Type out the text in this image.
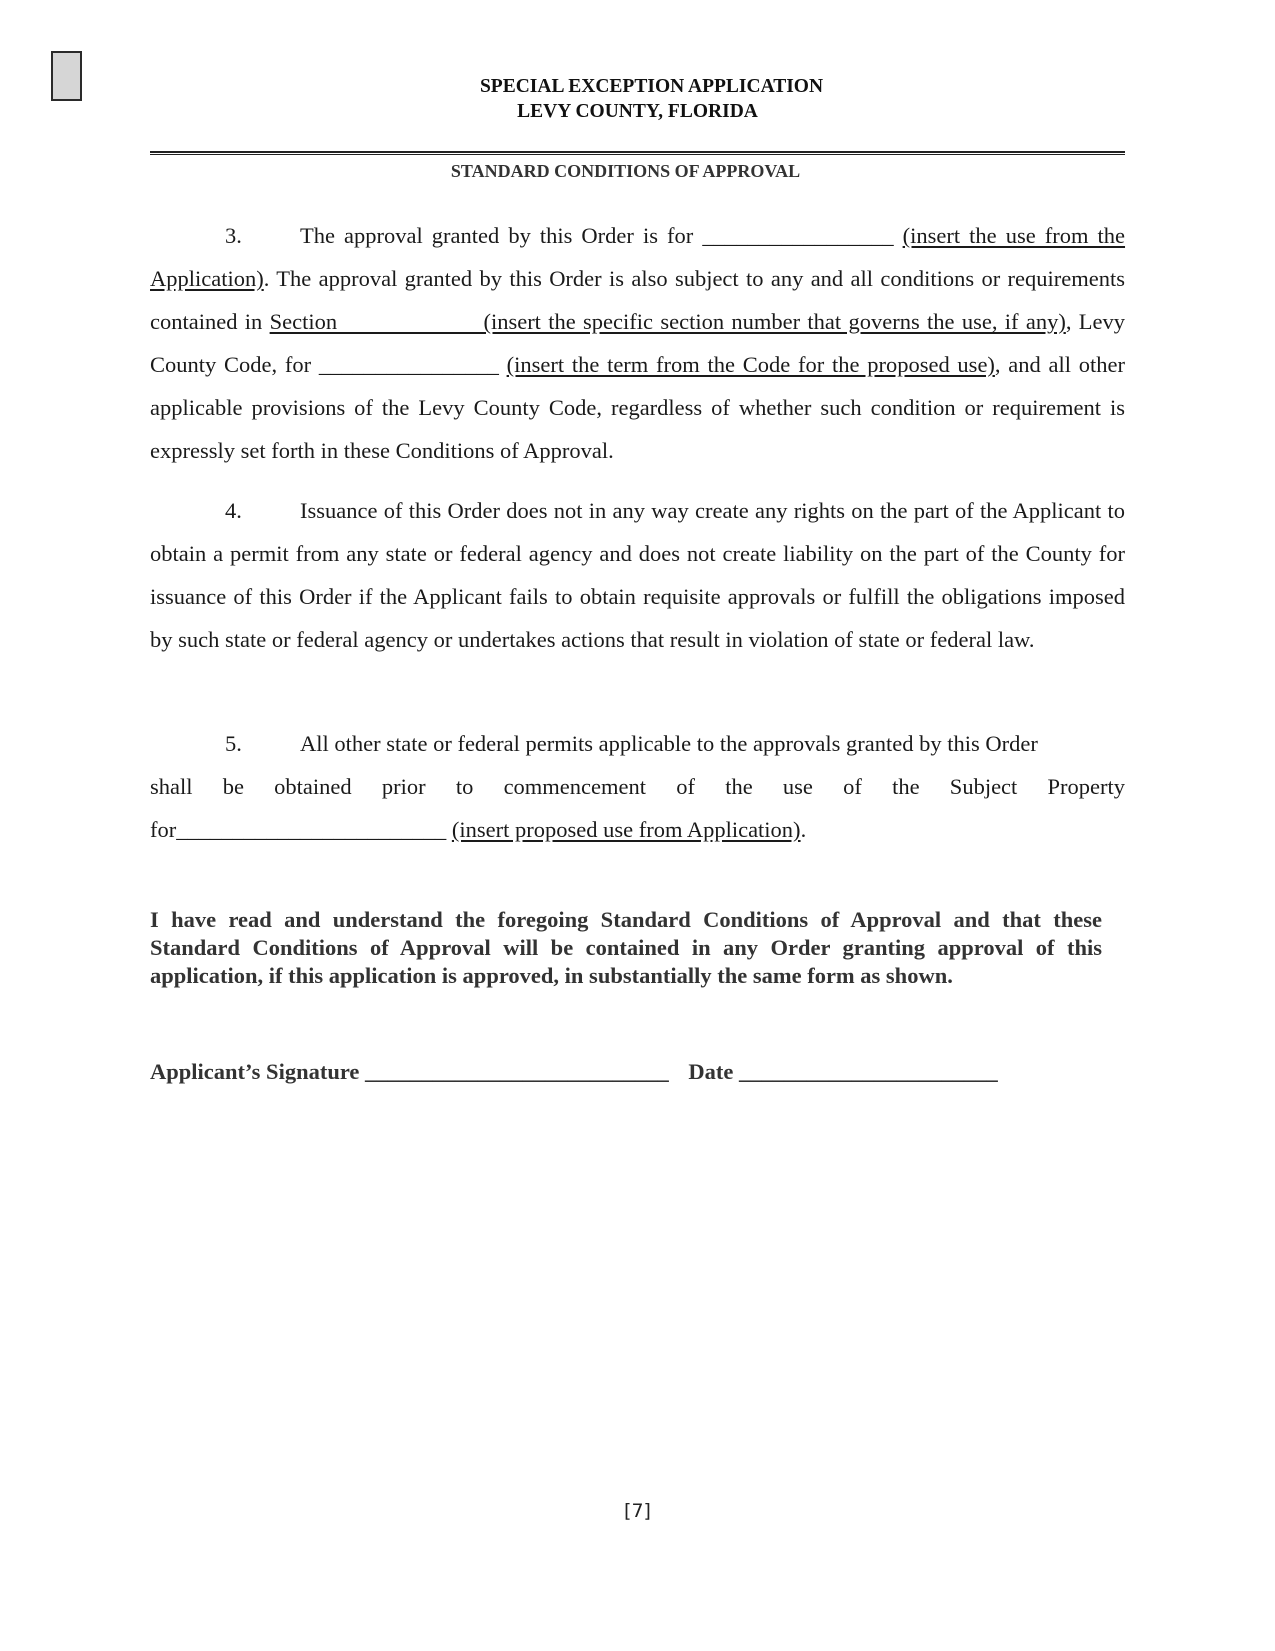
SPECIAL EXCEPTION APPLICATION
LEVY COUNTY, FLORIDA
STANDARD CONDITIONS OF APPROVAL
3.	The approval granted by this Order is for _________________ (insert the use from the Application). The approval granted by this Order is also subject to any and all conditions or requirements contained in Section                    (insert the specific section number that governs the use, if any), Levy County Code, for ________________ (insert the term from the Code for the proposed use), and all other applicable provisions of the Levy County Code, regardless of whether such condition or requirement is expressly set forth in these Conditions of Approval.
4.	Issuance of this Order does not in any way create any rights on the part of the Applicant to obtain a permit from any state or federal agency and does not create liability on the part of the County for issuance of this Order if the Applicant fails to obtain requisite approvals or fulfill the obligations imposed by such state or federal agency or undertakes actions that result in violation of state or federal law.
5.	All other state or federal permits applicable to the approvals granted by this Order
shall be obtained prior to commencement of the use of the Subject Property
for________________________ (insert proposed use from Application).
I have read and understand the foregoing Standard Conditions of Approval and that these Standard Conditions of Approval will be contained in any Order granting approval of this application, if this application is approved, in substantially the same form as shown.
Applicant’s Signature ___________________________ Date _______________________
[7]
